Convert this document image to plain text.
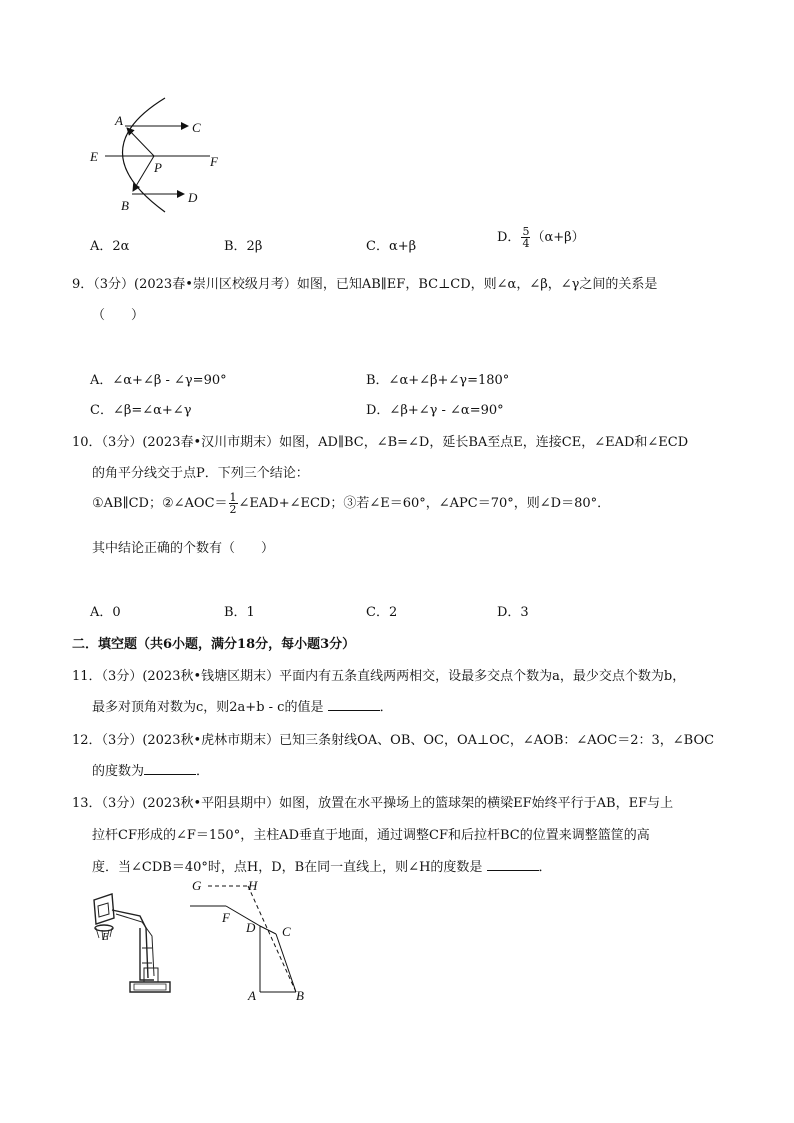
A	C
E
P	F
B
D
A．2α	B．2β	C．α+β
D． $\frac{5}{4} (\alpha+\beta)$
9．（3分）(2023春•崇川区校级月考）如图，已知AB∥EF，BC⊥CD，则∠α，∠β，∠γ之间的关系是
（　　）
A．∠α+∠β - ∠γ=90°	B．∠α+∠β+∠γ=180°
C．∠β=∠α+∠γ	D．∠β+∠γ - ∠α=90°
10．（3分）(2023春•汉川市期末）如图，AD∥BC，∠B=∠D，延长BA至点E，连接CE，∠EAD和∠ECD
的角平分线交于点P．下列三个结论：
①AB∥CD；②∠AOC＝ $\frac{1}{2}$ ∠EAD+∠ECD；③若∠E＝60°，∠APC＝70°，则∠D＝80°．
其中结论正确的个数有（　　）
A．0	B．1	C．2	D．3
二．填空题（共6小题，满分18分，每小题3分）
11．（3分）(2023秋•钱塘区期末）平面内有五条直线两两相交，设最多交点个数为a，最少交点个数为b，
最多对顶角对数为c，则2a+b - c的值是	．
12．（3分）(2023秋•虎林市期末）已知三条射线OA、OB、OC，OA⊥OC，∠AOB：∠AOC＝2：3，∠BOC
的度数为	．
13．（3分）(2023秋•平阳县期中）如图，放置在水平操场上的篮球架的横梁EF始终平行于AB，EF与上
拉杆CF形成的∠F＝150°，主柱AD垂直于地面，通过调整CF和后拉杆BC的位置来调整篮筐的高
度．当∠CDB＝40°时，点H，D，B在同一直线上，则∠H的度数是	．
E
G	H
F
D C
A	B
